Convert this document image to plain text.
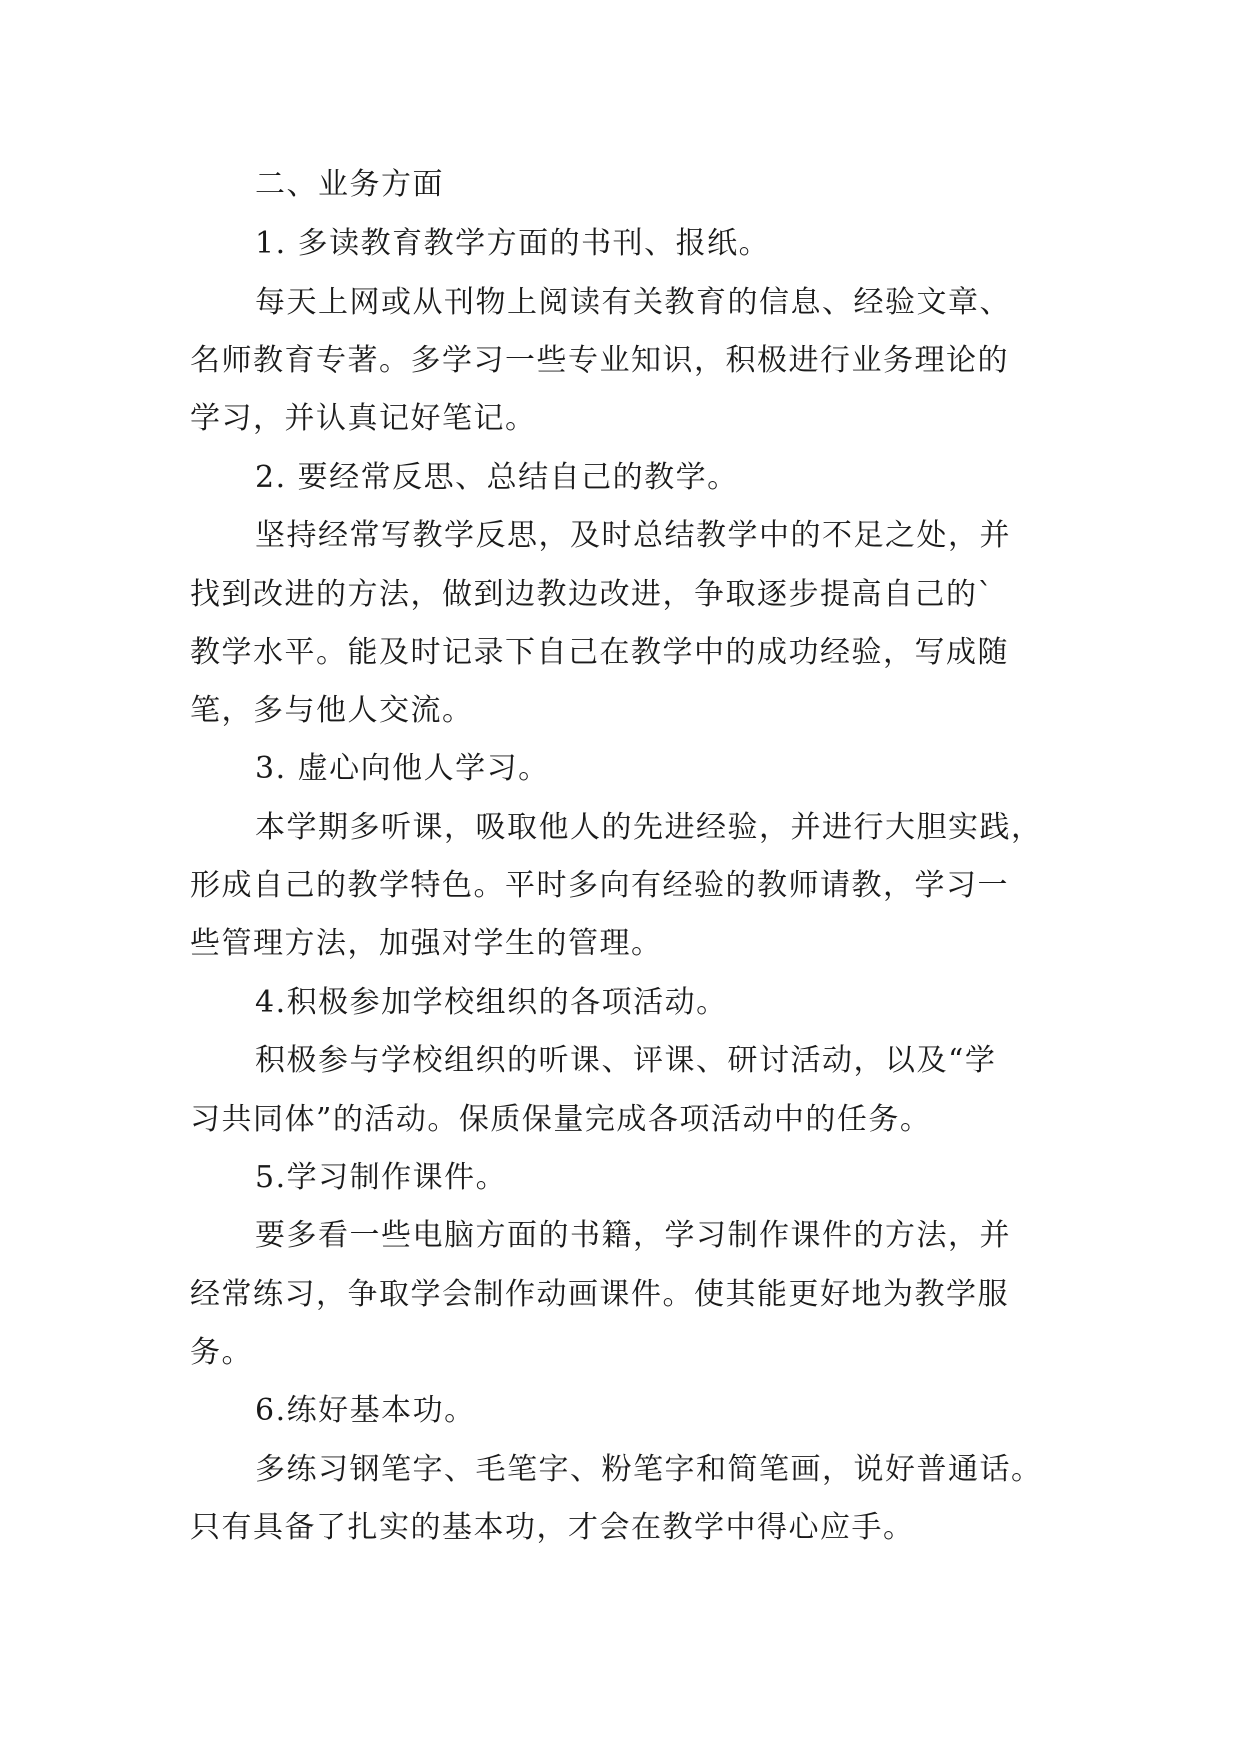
二、业务方面

1. 多读教育教学方面的书刊、报纸。

每天上网或从刊物上阅读有关教育的信息、经验文章、

名师教育专著。多学习一些专业知识，积极进行业务理论的

学习，并认真记好笔记。

2. 要经常反思、总结自己的教学。

坚持经常写教学反思，及时总结教学中的不足之处，并

找到改进的方法，做到边教边改进，争取逐步提高自己的`

教学水平。能及时记录下自己在教学中的成功经验，写成随

笔，多与他人交流。

3. 虚心向他人学习。

本学期多听课，吸取他人的先进经验，并进行大胆实践，

形成自己的教学特色。平时多向有经验的教师请教，学习一

些管理方法，加强对学生的管理。

4.积极参加学校组织的各项活动。

积极参与学校组织的听课、评课、研讨活动，以及“学

习共同体”的活动。保质保量完成各项活动中的任务。

5.学习制作课件。

要多看一些电脑方面的书籍，学习制作课件的方法，并

经常练习，争取学会制作动画课件。使其能更好地为教学服

务。

6.练好基本功。

多练习钢笔字、毛笔字、粉笔字和简笔画，说好普通话。

只有具备了扎实的基本功，才会在教学中得心应手。
